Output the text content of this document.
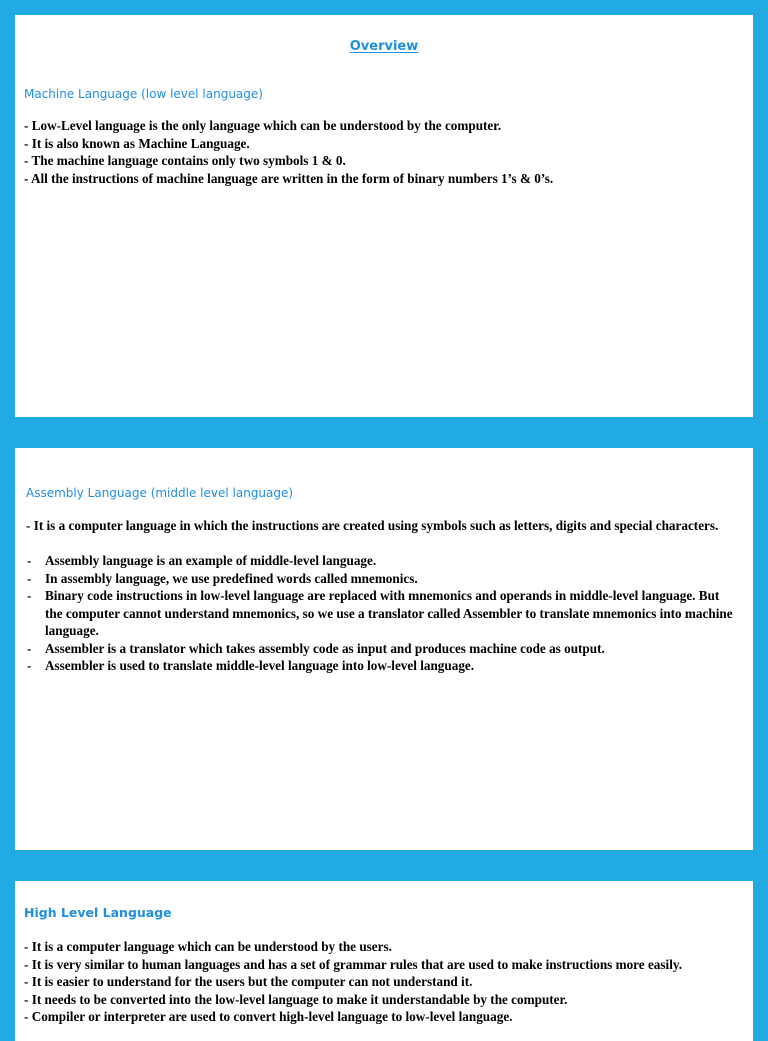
Overview
Machine Language (low level language)
- Low-Level language is the only language which can be understood by the computer.
- It is also known as Machine Language.
- The machine language contains only two symbols 1 & 0.
- All the instructions of machine language are written in the form of binary numbers 1’s & 0’s.
Assembly Language (middle level language)

- It is a computer language in which the instructions are created using symbols such as letters, digits and special characters.

- Assembly language is an example of middle-level language.
- In assembly language, we use predefined words called mnemonics.
- Binary code instructions in low-level language are replaced with mnemonics and operands in middle-level language. But the computer cannot understand mnemonics, so we use a translator called Assembler to translate mnemonics into machine language.
- Assembler is a translator which takes assembly code as input and produces machine code as output.
- Assembler is used to translate middle-level language into low-level language.
High Level Language
- It is a computer language which can be understood by the users.
- It is very similar to human languages and has a set of grammar rules that are used to make instructions more easily.
- It is easier to understand for the users but the computer can not understand it.
- It needs to be converted into the low-level language to make it understandable by the computer.
- Compiler or interpreter are used to convert high-level language to low-level language.
